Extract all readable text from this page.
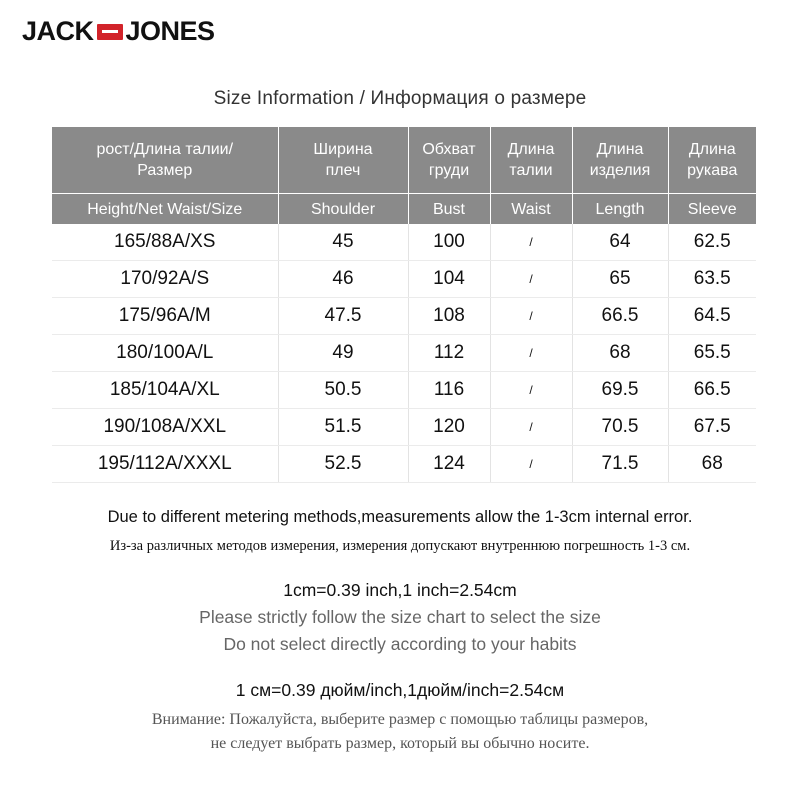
JACK JONES
Size Information / Информация о размере
рост/Длина талии/Размер	Ширина плеч	Обхват груди	Длина талии	Длина изделия	Длина рукава
Height/Net Waist/Size	Shoulder	Bust	Waist	Length	Sleeve
165/88A/XS	45	100	/	64	62.5
170/92A/S	46	104	/	65	63.5
175/96A/M	47.5	108	/	66.5	64.5
180/100A/L	49	112	/	68	65.5
185/104A/XL	50.5	116	/	69.5	66.5
190/108A/XXL	51.5	120	/	70.5	67.5
195/112A/XXXL	52.5	124	/	71.5	68
Due to different metering methods,measurements allow the 1-3cm internal error.
Из-за различных методов измерения, измерения допускают внутреннюю погрешность 1-3 см.
1cm=0.39 inch,1 inch=2.54cm
Please strictly follow the size chart to select the size
Do not select directly according to your habits
1 см=0.39 дюйм/inch,1дюйм/inch=2.54см
Внимание: Пожалуйста, выберите размер с помощью таблицы размеров,
не следует выбрать размер, который вы обычно носите.
